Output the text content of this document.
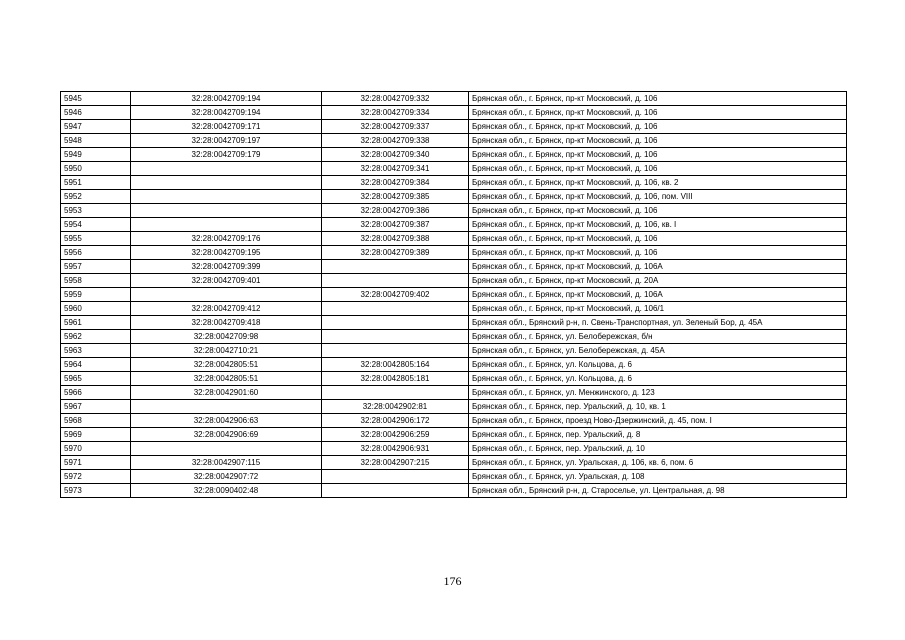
5945	32:28:0042709:194	32:28:0042709:332	Брянская обл., г. Брянск, пр-кт Московский, д. 106
5946	32:28:0042709:194	32:28:0042709:334	Брянская обл., г. Брянск, пр-кт Московский, д. 106
5947	32:28:0042709:171	32:28:0042709:337	Брянская обл., г. Брянск, пр-кт Московский, д. 106
5948	32:28:0042709:197	32:28:0042709:338	Брянская обл., г. Брянск, пр-кт Московский, д. 106
5949	32:28:0042709:179	32:28:0042709:340	Брянская обл., г. Брянск, пр-кт Московский, д. 106
5950		32:28:0042709:341	Брянская обл., г. Брянск, пр-кт Московский, д. 106
5951		32:28:0042709:384	Брянская обл., г. Брянск, пр-кт Московский, д. 106, кв. 2
5952		32:28:0042709:385	Брянская обл., г. Брянск, пр-кт Московский, д. 106, пом. VIII
5953		32:28:0042709:386	Брянская обл., г. Брянск, пр-кт Московский, д. 106
5954		32:28:0042709:387	Брянская обл., г. Брянск, пр-кт Московский, д. 106, кв. I
5955	32:28:0042709:176	32:28:0042709:388	Брянская обл., г. Брянск, пр-кт Московский, д. 106
5956	32:28:0042709:195	32:28:0042709:389	Брянская обл., г. Брянск, пр-кт Московский, д. 106
5957	32:28:0042709:399		Брянская обл., г. Брянск, пр-кт Московский, д. 106А
5958	32:28:0042709:401		Брянская обл., г. Брянск, пр-кт Московский, д. 20А
5959		32:28:0042709:402	Брянская обл., г. Брянск, пр-кт Московский, д. 106А
5960	32:28:0042709:412		Брянская обл., г. Брянск, пр-кт Московский, д. 106/1
5961	32:28:0042709:418		Брянская обл., Брянский р-н, п. Свень-Транспортная, ул. Зеленый Бор, д. 45А
5962	32:28:0042709:98		Брянская обл., г. Брянск, ул. Белобережская, б/н
5963	32:28:0042710:21		Брянская обл., г. Брянск, ул. Белобережская, д. 45А
5964	32:28:0042805:51	32:28:0042805:164	Брянская обл., г. Брянск, ул. Кольцова, д. 6
5965	32:28:0042805:51	32:28:0042805:181	Брянская обл., г. Брянск, ул. Кольцова, д. 6
5966	32:28:0042901:60		Брянская обл., г. Брянск, ул. Менжинского, д. 123
5967		32:28:0042902:81	Брянская обл., г. Брянск, пер. Уральский, д. 10, кв. 1
5968	32:28:0042906:63	32:28:0042906:172	Брянская обл., г. Брянск, проезд Ново-Дзержинский, д. 45, пом. I
5969	32:28:0042906:69	32:28:0042906:259	Брянская обл., г. Брянск, пер. Уральский, д. 8
5970		32:28:0042906:931	Брянская обл., г. Брянск, пер. Уральский, д. 10
5971	32:28:0042907:115	32:28:0042907:215	Брянская обл., г. Брянск, ул. Уральская, д. 106, кв. 6, пом. 6
5972	32:28:0042907:72		Брянская обл., г. Брянск, ул. Уральская, д. 108
5973	32:28:0090402:48		Брянская обл., Брянский р-н, д. Староселье, ул. Центральная, д. 98
176
